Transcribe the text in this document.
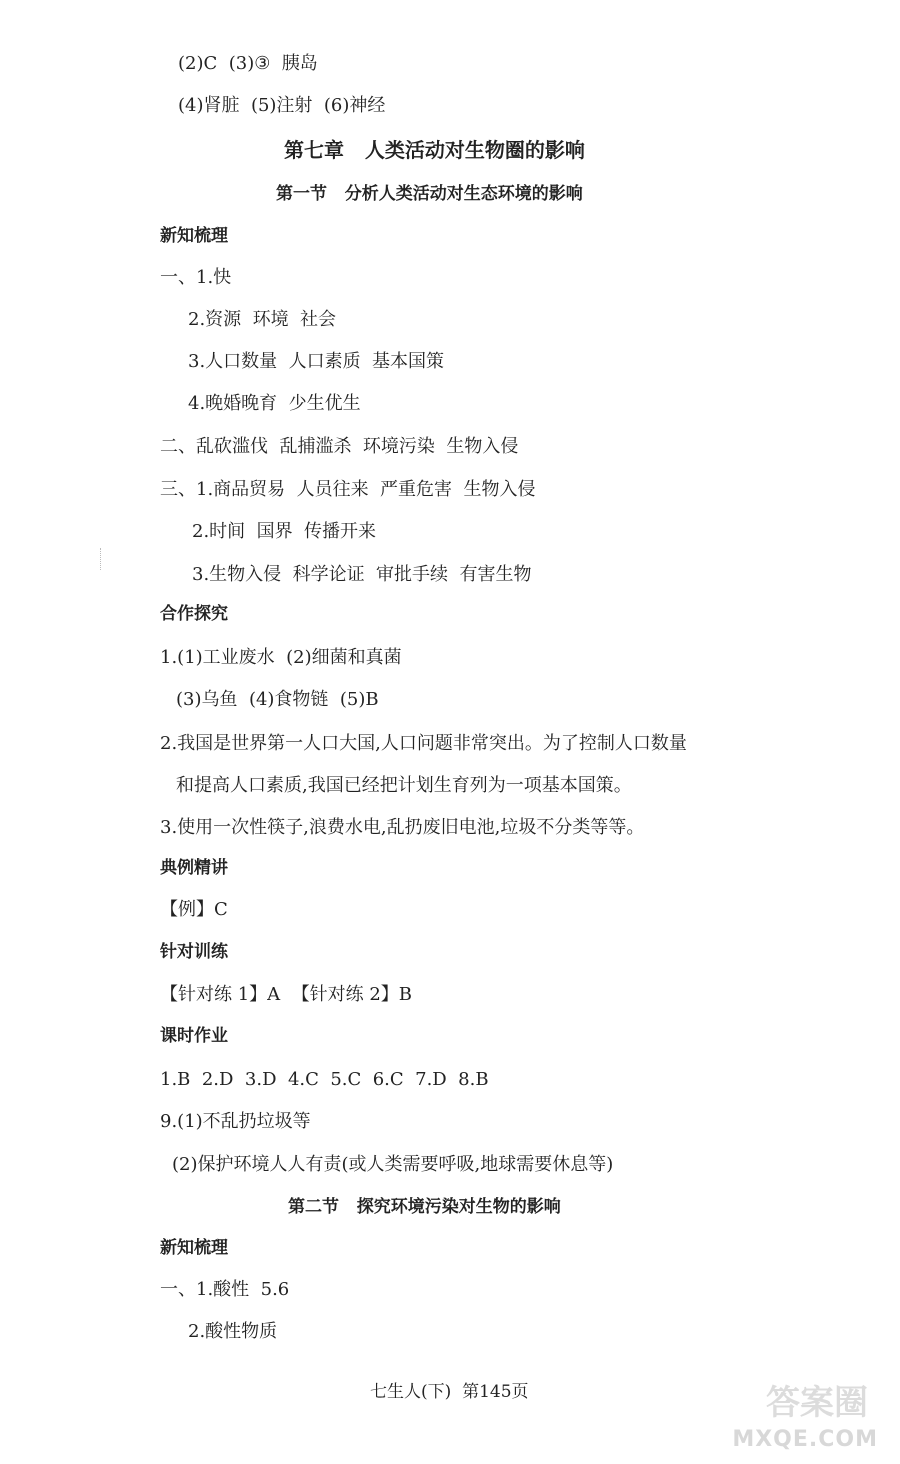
(2)C  (3)③  胰岛
(4)肾脏  (5)注射  (6)神经
第七章   人类活动对生物圈的影响
第一节   分析人类活动对生态环境的影响
新知梳理
一、1.快
2.资源  环境  社会
3.人口数量  人口素质  基本国策
4.晚婚晚育  少生优生
二、乱砍滥伐  乱捕滥杀  环境污染  生物入侵
三、1.商品贸易  人员往来  严重危害  生物入侵
2.时间  国界  传播开来
3.生物入侵  科学论证  审批手续  有害生物
合作探究
1.(1)工业废水  (2)细菌和真菌
(3)乌鱼  (4)食物链  (5)B
2.我国是世界第一人口大国,人口问题非常突出。为了控制人口数量
和提高人口素质,我国已经把计划生育列为一项基本国策。
3.使用一次性筷子,浪费水电,乱扔废旧电池,垃圾不分类等等。
典例精讲
【例】C
针对训练
【针对练 1】A  【针对练 2】B
课时作业
1.B  2.D  3.D  4.C  5.C  6.C  7.D  8.B
9.(1)不乱扔垃圾等
(2)保护环境人人有责(或人类需要呼吸,地球需要休息等)
第二节   探究环境污染对生物的影响
新知梳理
一、1.酸性  5.6
2.酸性物质
七生人(下)  第145页	答案圈
MXQE.COM
